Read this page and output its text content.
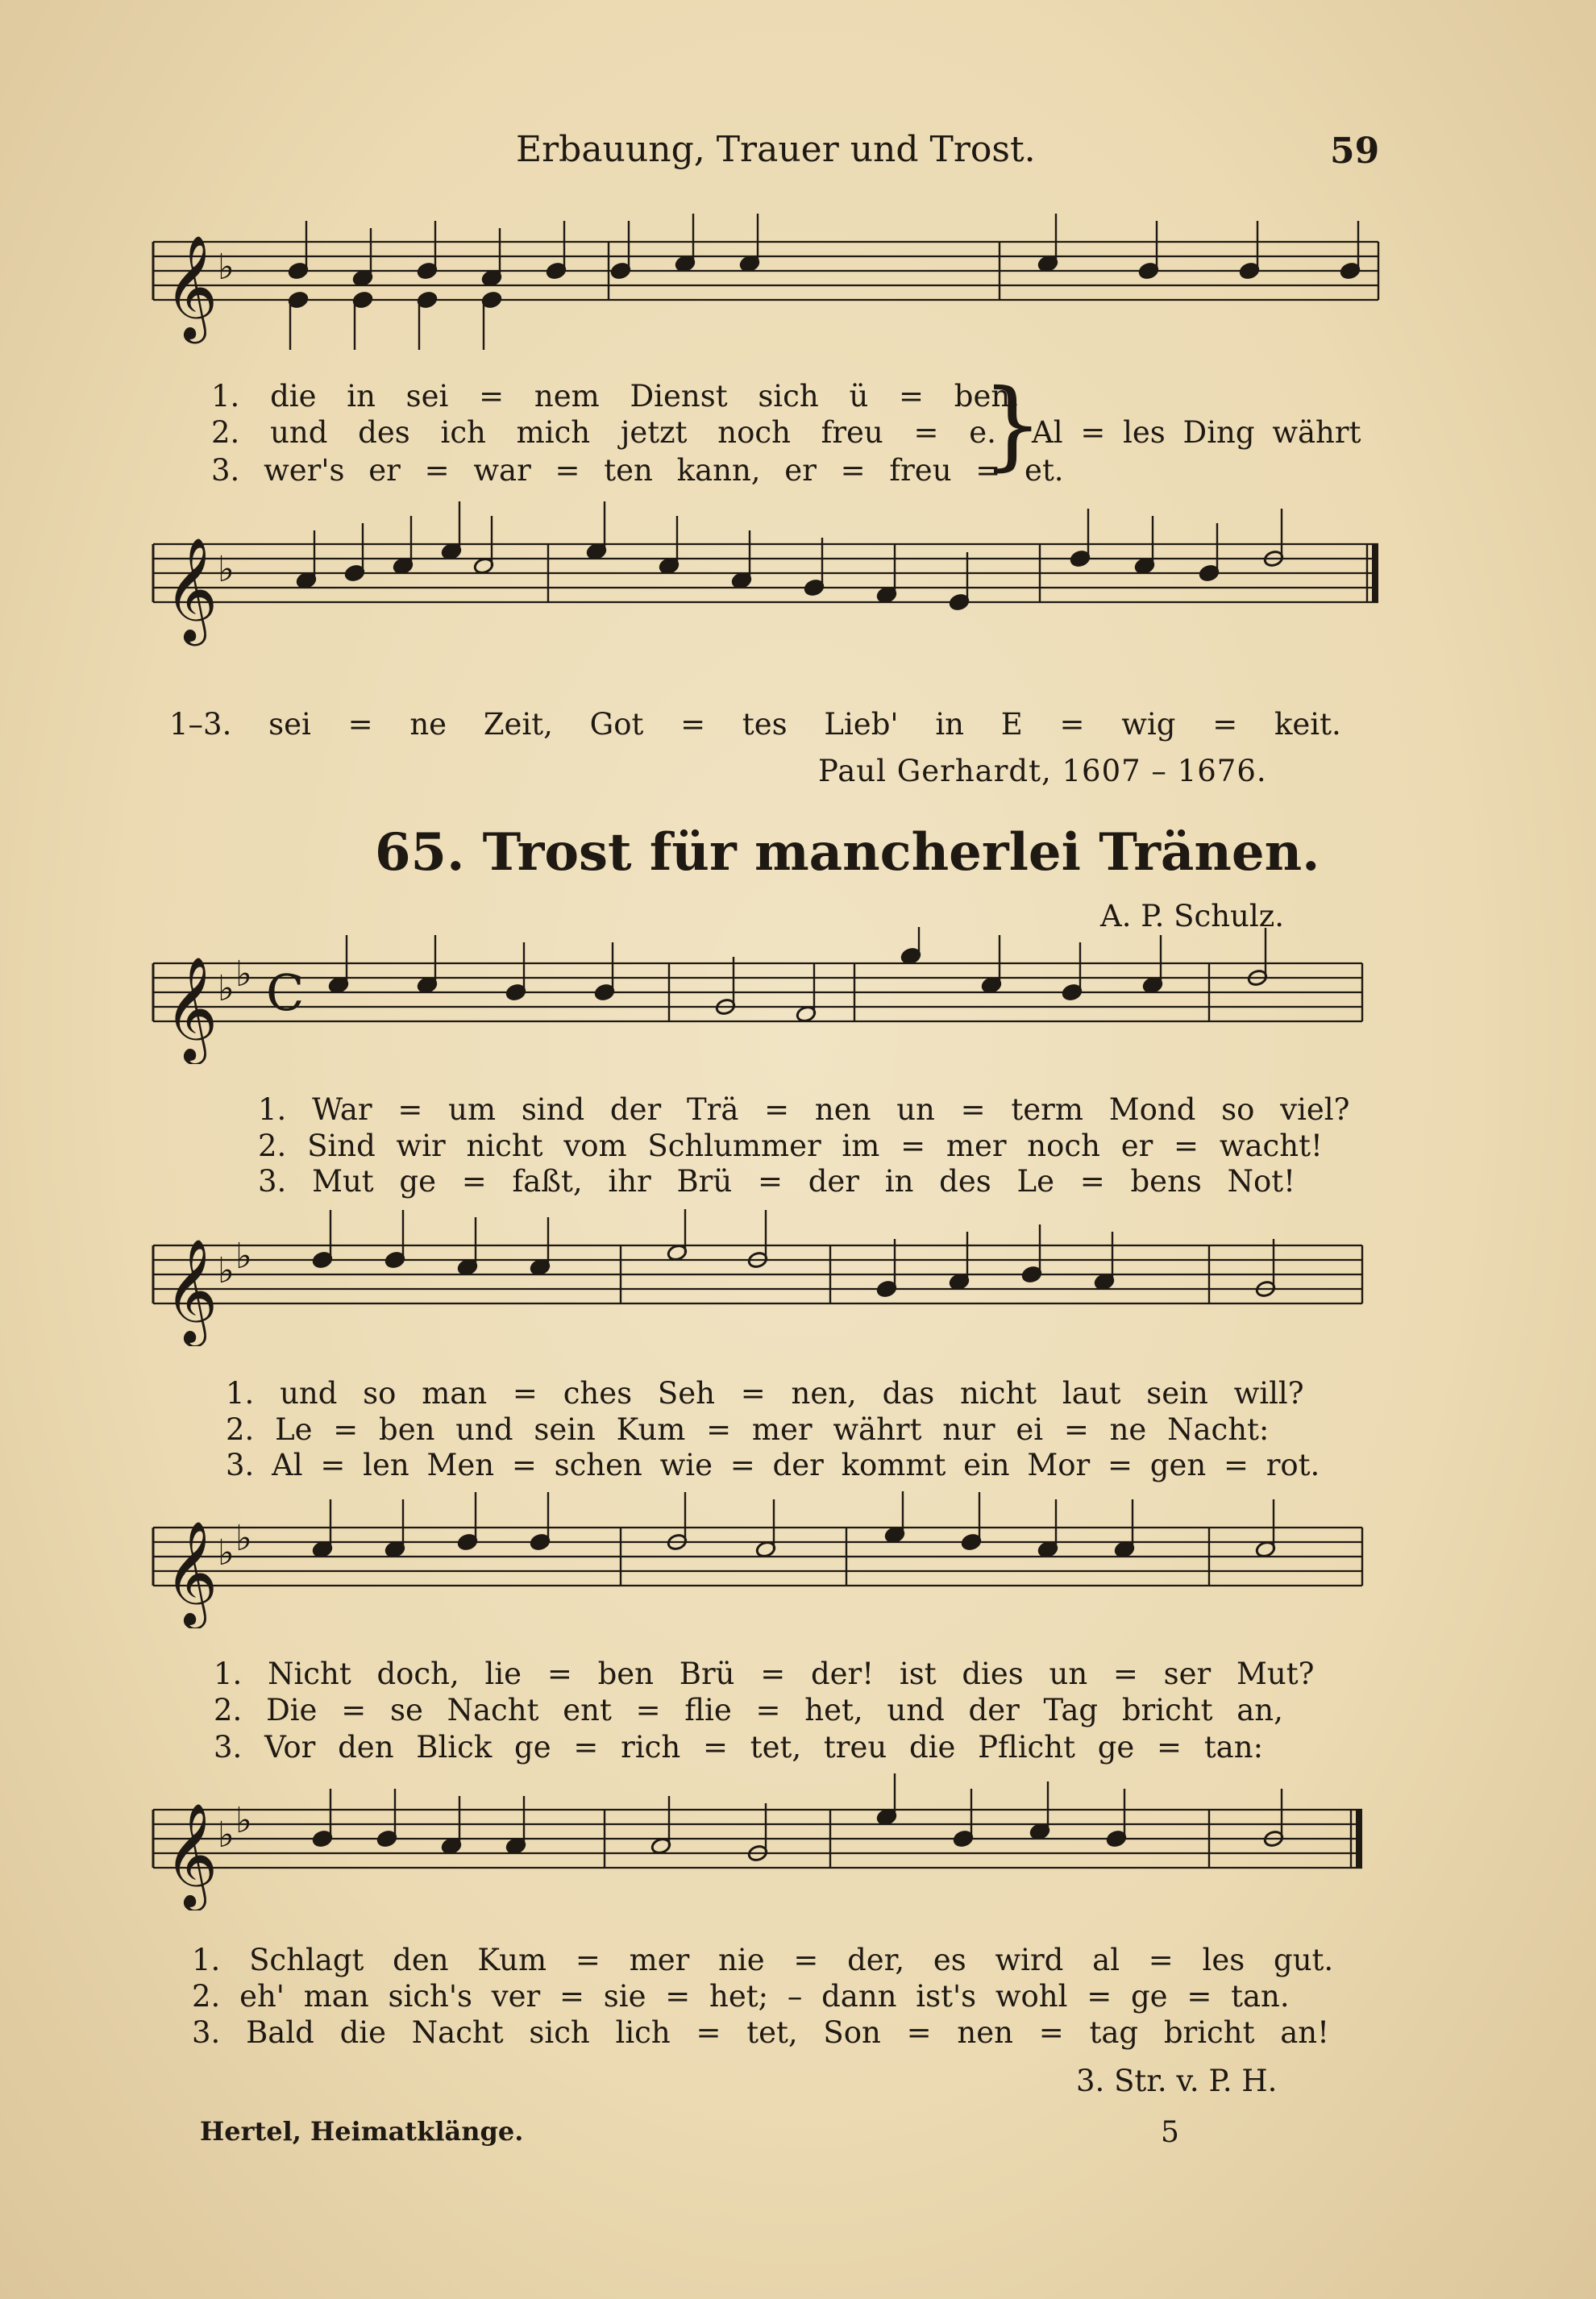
Erbauung, Trauer und Trost.	59
𝄞 ♭
1. die in sei = nem Dienst sich ü = ben.
2. und des ich mich jetzt noch freu = e.
3. wer's er = war = ten kann, er = freu = et.
}
Al = les Ding währt
𝄞 ♭
1–3. sei = ne Zeit, Got = tes Lieb' in E = wig = keit.
Paul Gerhardt, 1607 – 1676.
65. Trost für mancherlei Tränen.
A. P. Schulz.
𝄞 ♭ ♭ C
1. War = um sind der Trä = nen un = term Mond so viel?
2. Sind wir nicht vom Schlummer im = mer noch er = wacht!
3. Mut ge = faßt, ihr Brü = der in des Le = bens Not!
𝄞 ♭ ♭
1. und so man = ches Seh = nen, das nicht laut sein will?
2. Le = ben und sein Kum = mer währt nur ei = ne Nacht:
3. Al = len Men = schen wie = der kommt ein Mor = gen = rot.
𝄞 ♭ ♭
1. Nicht doch, lie = ben Brü = der! ist dies un = ser Mut?
2. Die = se Nacht ent = flie = het, und der Tag bricht an,
3. Vor den Blick ge = rich = tet, treu die Pflicht ge = tan:
𝄞 ♭ ♭
1. Schlagt den Kum = mer nie = der, es wird al = les gut.
2. eh' man sich's ver = sie = het; – dann ist's wohl = ge = tan.
3. Bald die Nacht sich lich = tet, Son = nen = tag bricht an!
3. Str. v. P. H.
Hertel, Heimatklänge.	5
